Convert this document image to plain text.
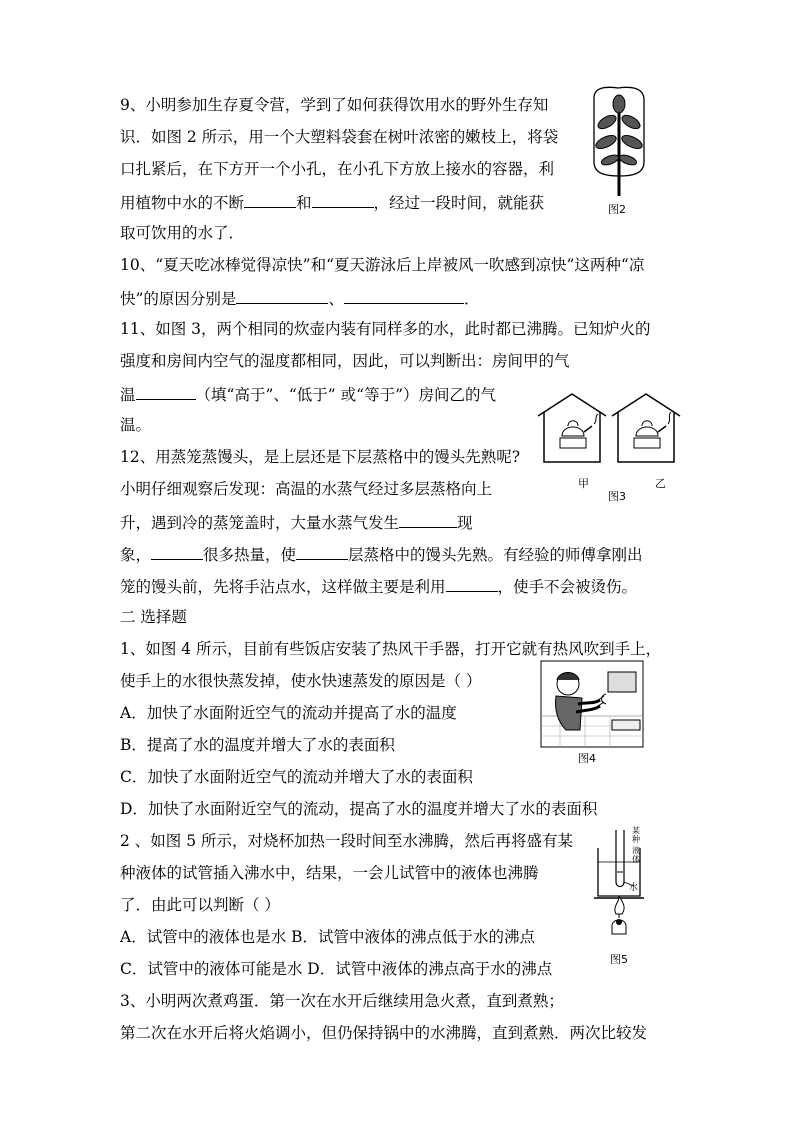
9、小明参加生存夏令营，学到了如何获得饮用水的野外生存知
识．如图 2 所示，用一个大塑料袋套在树叶浓密的嫩枝上，将袋
口扎紧后，在下方开一个小孔，在小孔下方放上接水的容器，利
用植物中水的不断	和	，经过一段时间，就能获
取可饮用的水了．
10、“夏天吃冰棒觉得凉快”和“夏天游泳后上岸被风一吹感到凉快”这两种“凉
快”的原因分别是	、	．
11、如图 3，两个相同的炊壶内装有同样多的水，此时都已沸腾。已知炉火的
强度和房间内空气的湿度都相同，因此，可以判断出：房间甲的气
温	（填“高于”、“低于” 或“等于”）房间乙的气
温。
12、用蒸笼蒸馒头，是上层还是下层蒸格中的馒头先熟呢?
小明仔细观察后发现：高温的水蒸气经过多层蒸格向上
升，遇到冷的蒸笼盖时，大量水蒸气发生	现
象，	很多热量，使	层蒸格中的馒头先熟。有经验的师傅拿刚出
笼的馒头前，先将手沾点水，这样做主要是利用	，使手不会被烫伤。
二 选择题
1、如图 4 所示，目前有些饭店安装了热风干手器，打开它就有热风吹到手上，
使手上的水很快蒸发掉，使水快速蒸发的原因是（ ）
A．加快了水面附近空气的流动并提高了水的温度
B．提高了水的温度并增大了水的表面积
C．加快了水面附近空气的流动并增大了水的表面积
D．加快了水面附近空气的流动，提高了水的温度并增大了水的表面积
2 、如图 5 所示，对烧杯加热一段时间至水沸腾，然后再将盛有某
种液体的试管插入沸水中，结果，一会儿试管中的液体也沸腾
了．由此可以判断（ ）
A．试管中的液体也是水 B．试管中液体的沸点低于水的沸点
C．试管中的液体可能是水 D．试管中液体的沸点高于水的沸点
3、小明两次煮鸡蛋．第一次在水开后继续用急火煮，直到煮熟；
第二次在水开后将火焰调小，但仍保持锅中的水沸腾，直到煮熟．两次比较发
图2
甲	乙
图3
图4
某种
液体
水
图5
